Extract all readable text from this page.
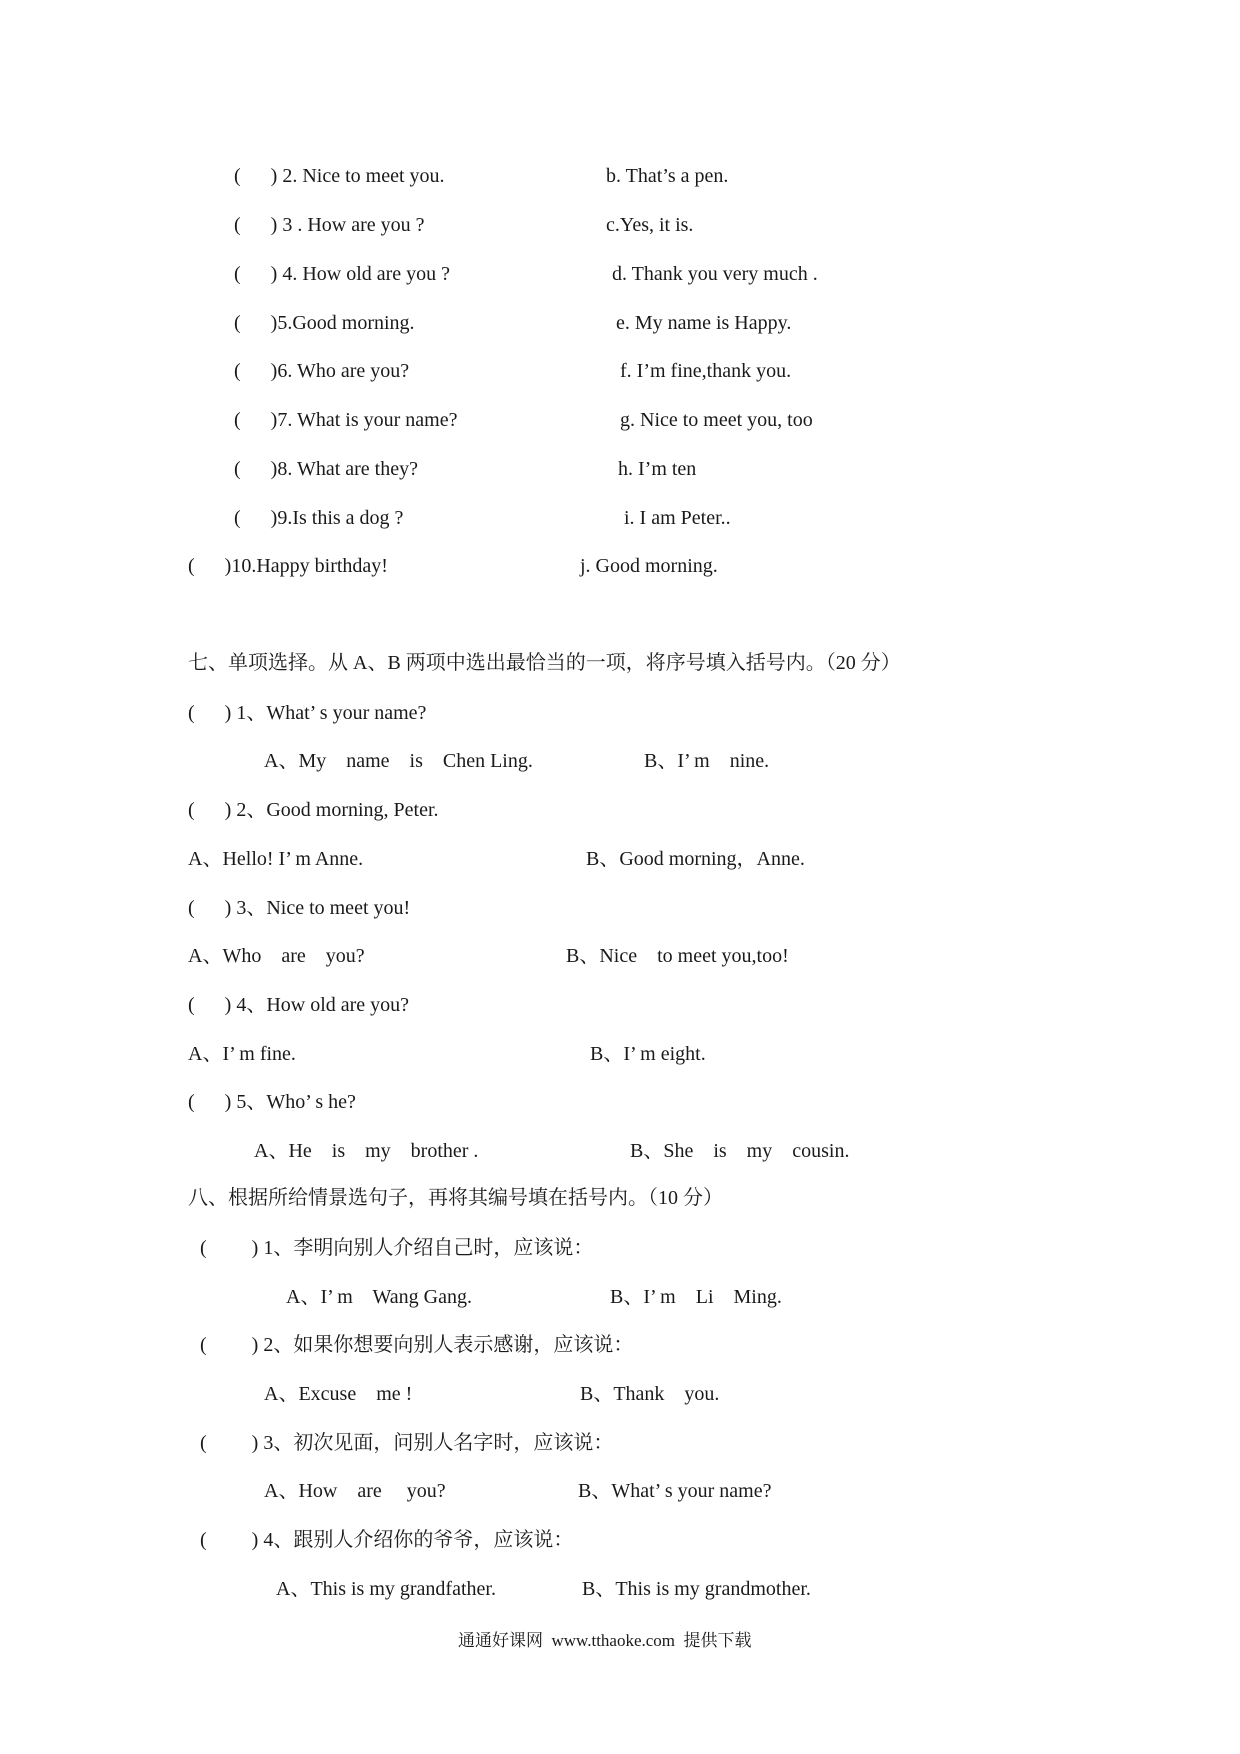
(      ) 2. Nice to meet you.	b. That’s a pen.
(      ) 3 . How are you ?	c.Yes, it is.
(      ) 4. How old are you ?	d. Thank you very much .
(      )5.Good morning.	e. My name is Happy.
(      )6. Who are you?	f. I’m fine,thank you.
(      )7. What is your name?	g. Nice to meet you, too
(      )8. What are they?	h. I’m ten
(      )9.Is this a dog ?	i. I am Peter..
(      )10.Happy birthday!	j. Good morning.
七、单项选择。从 A、B 两项中选出最恰当的一项，将序号填入括号内。（20 分）
(      ) 1、What’ s your name?
A、My    name    is    Chen Ling.	B、I’ m    nine.
(      ) 2、Good morning, Peter.
A、Hello! I’ m Anne.	B、Good morning，Anne.
(      ) 3、Nice to meet you!
A、Who    are    you?	B、Nice    to meet you,too!
(      ) 4、How old are you?
A、I’ m fine.	B、I’ m eight.
(      ) 5、Who’ s he?
A、He    is    my    brother .	B、She    is    my    cousin.
八、根据所给情景选句子，再将其编号填在括号内。（10 分）
(         ) 1、李明向别人介绍自己时，应该说：
A、I’ m    Wang Gang.	B、I’ m    Li    Ming.
(         ) 2、如果你想要向别人表示感谢，应该说：
A、Excuse    me !	B、Thank    you.
(         ) 3、初次见面，问别人名字时，应该说：
A、How    are     you?	B、What’ s your name?
(         ) 4、跟别人介绍你的爷爷，应该说：
A、This is my grandfather.	B、This is my grandmother.
通通好课网  www.tthaoke.com  提供下载
